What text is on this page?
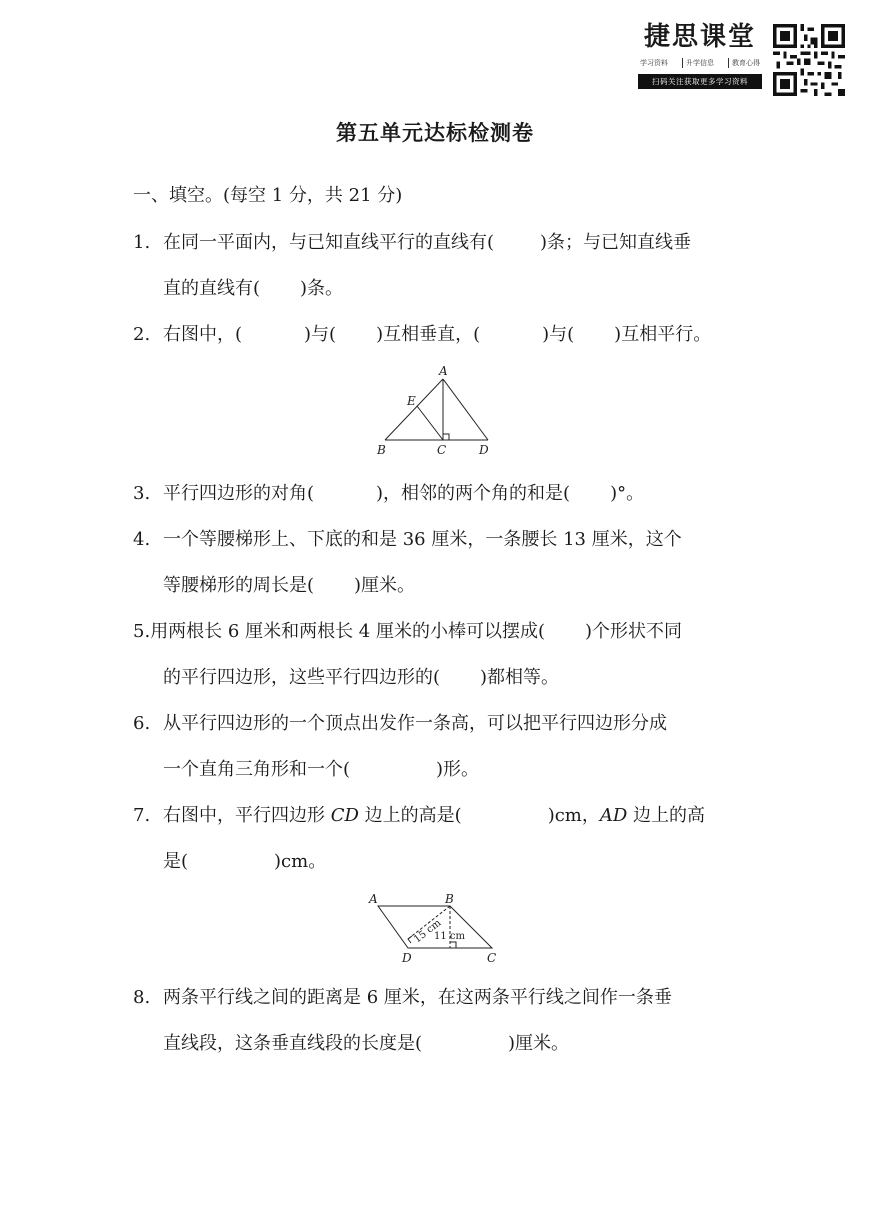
捷思课堂
学习资料	升学信息	教育心得
扫码关注获取更多学习资料
第五单元达标检测卷
一、填空。(每空 1 分，共 21 分)
1. 在同一平面内，与已知直线平行的直线有(	)条；与已知直线垂
直的直线有( )条。
2. 右图中，(	)与( )互相垂直，(	)与( )互相平行。
A
E
B	C	D
3. 平行四边形的对角(	)，相邻的两个角的和是( )°。
4. 一个等腰梯形上、下底的和是 36 厘米，一条腰长 13 厘米，这个
等腰梯形的周长是( )厘米。
5.用两根长 6 厘米和两根长 4 厘米的小棒可以摆成( )个形状不同
的平行四边形，这些平行四边形的( )都相等。
6. 从平行四边形的一个顶点出发作一条高，可以把平行四边形分成
一个直角三角形和一个(	)形。
7. 右图中，平行四边形 CD 边上的高是(	)cm，AD 边上的高
是(	)cm。
A	B
C
D
15 cm
11 cm
8. 两条平行线之间的距离是 6 厘米，在这两条平行线之间作一条垂
直线段，这条垂直线段的长度是(	)厘米。
